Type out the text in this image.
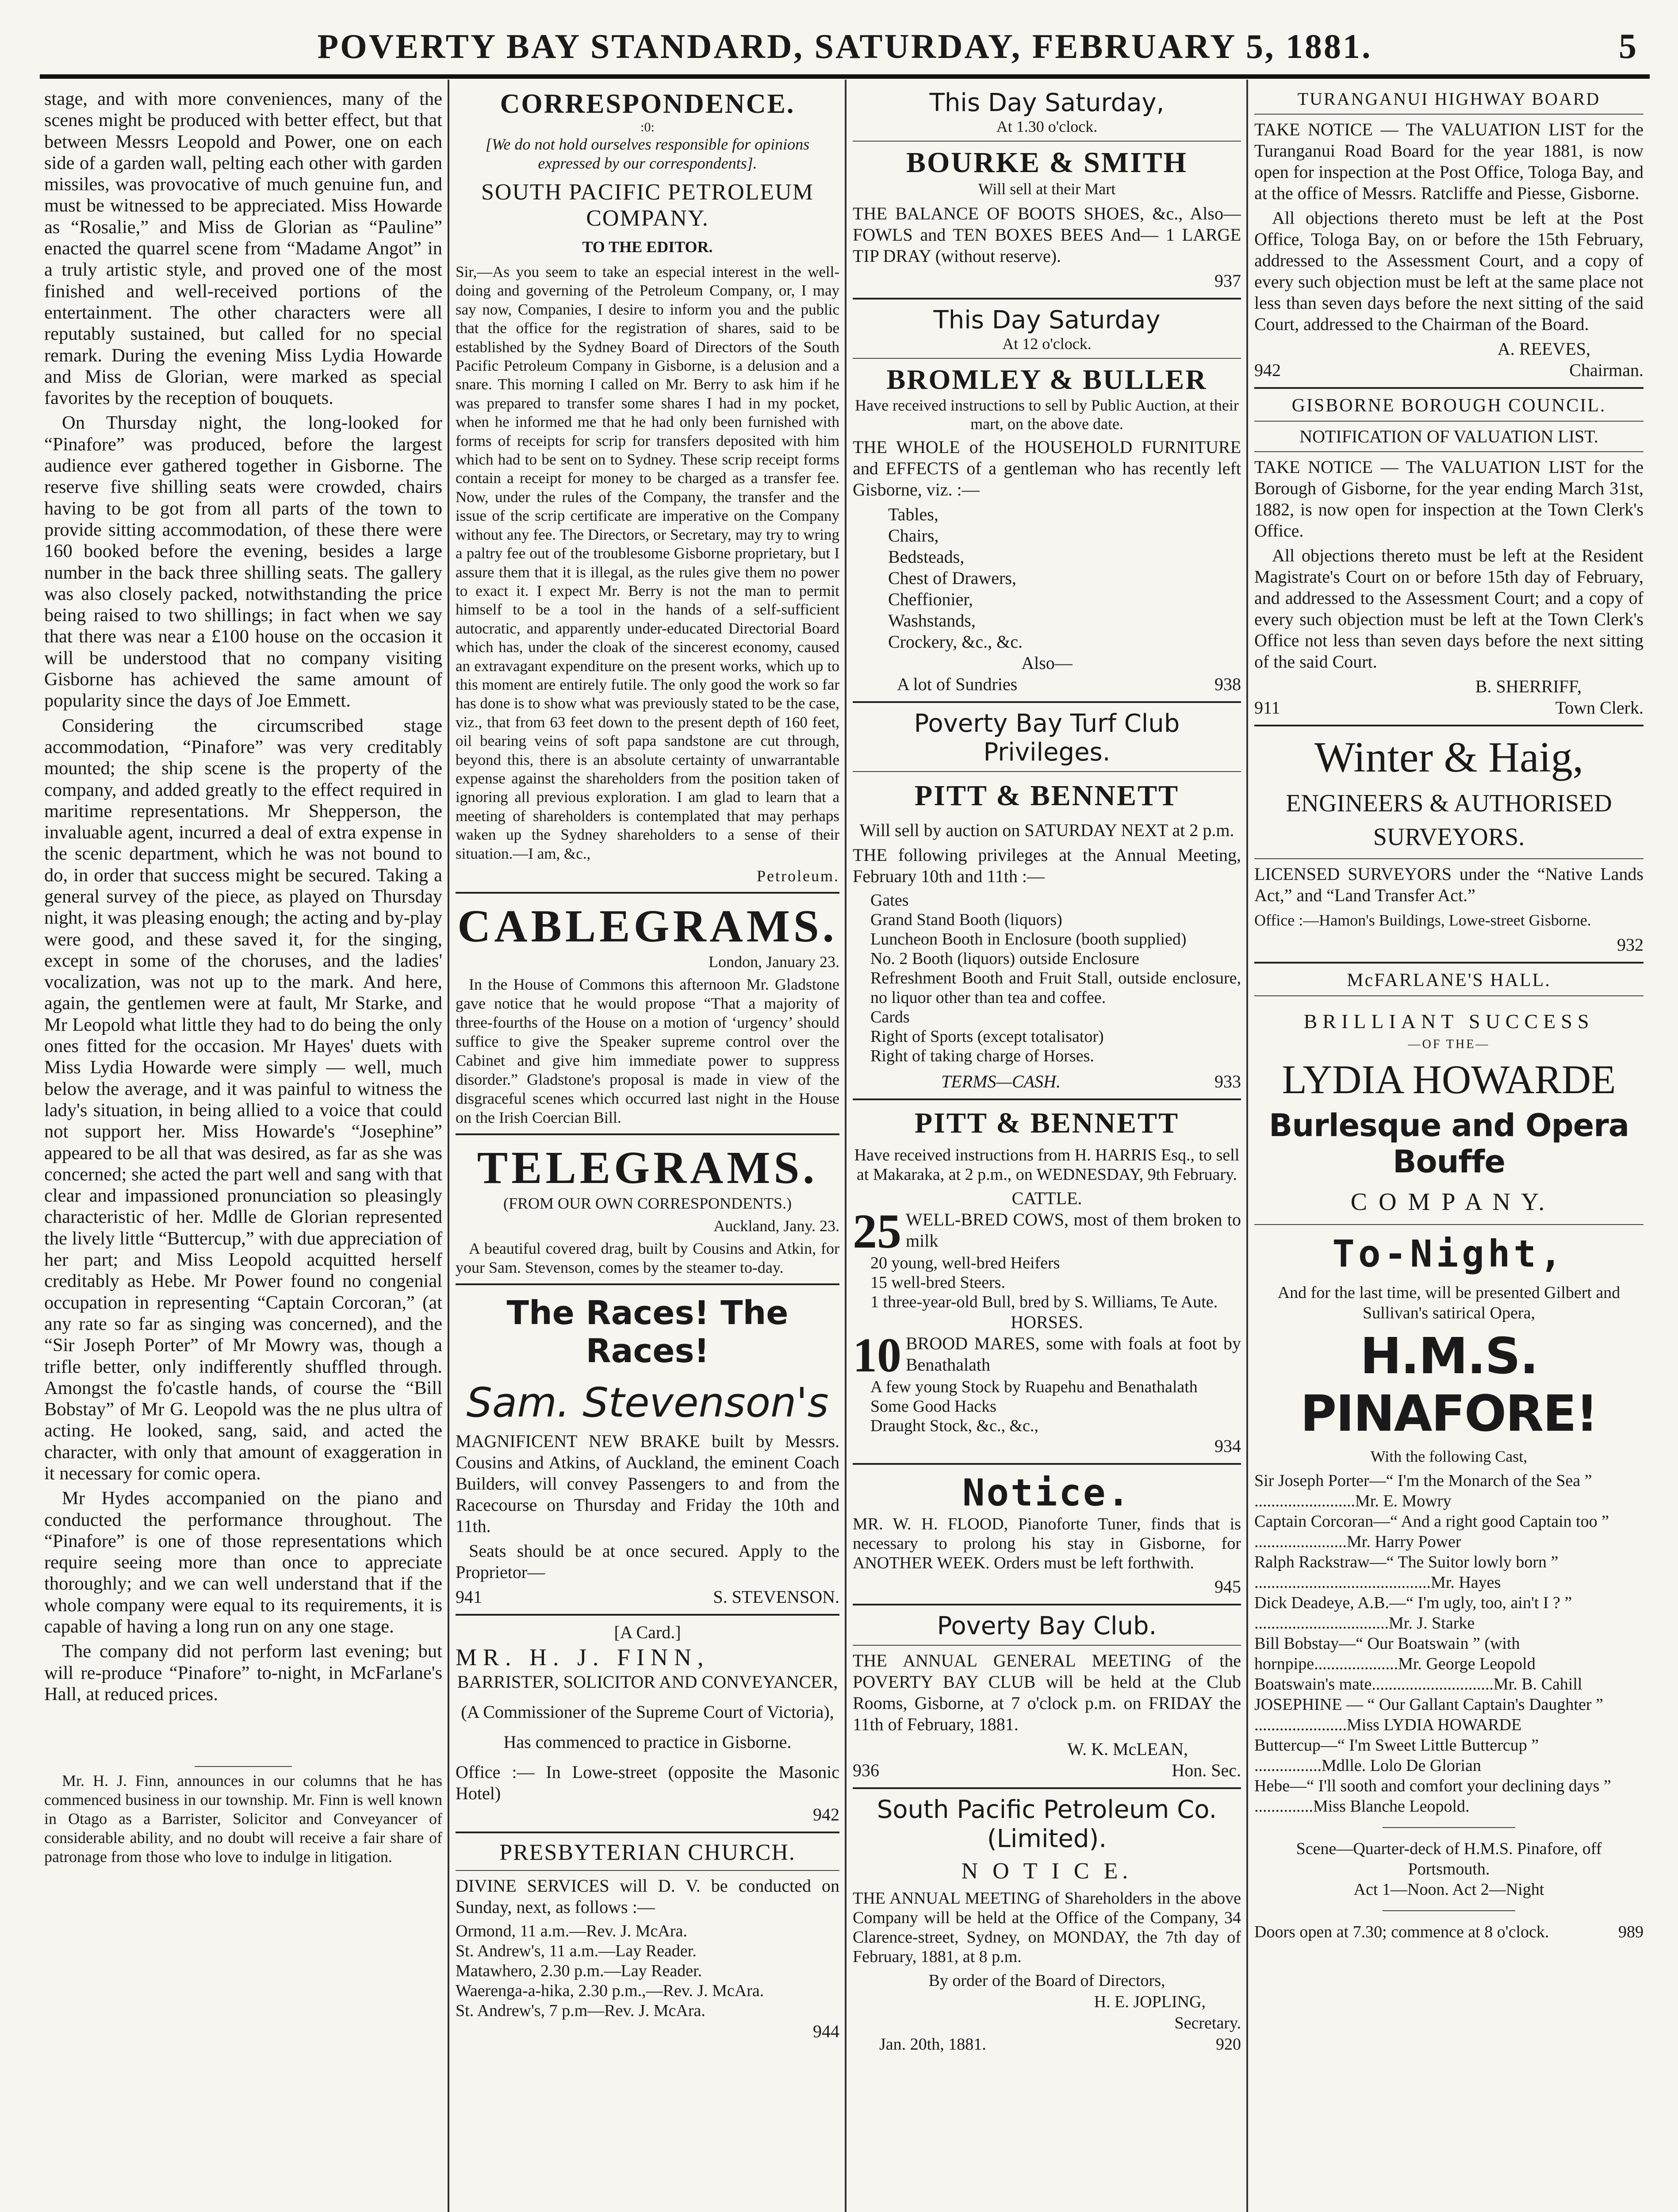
POVERTY BAY STANDARD, SATURDAY, FEBRUARY 5, 1881.	5

stage, and with more conveniences, many of the scenes might be produced with better effect, but that between Messrs Leopold and Power, one on each side of a garden wall, pelting each other with garden missiles, was provocative of much genuine fun, and must be witnessed to be appreciated. Miss Howarde as “Rosalie,” and Miss de Glorian as “Pauline” enacted the quarrel scene from “Madame Angot” in a truly artistic style, and proved one of the most finished and well-received portions of the entertainment. The other characters were all reputably sustained, but called for no special remark. During the evening Miss Lydia Howarde and Miss de Glorian, were marked as special favorites by the reception of bouquets.

On Thursday night, the long-looked for “Pinafore” was produced, before the largest audience ever gathered together in Gisborne. The reserve five shilling seats were crowded, chairs having to be got from all parts of the town to provide sitting accommodation, of these there were 160 booked before the evening, besides a large number in the back three shilling seats. The gallery was also closely packed, notwithstanding the price being raised to two shillings; in fact when we say that there was near a £100 house on the occasion it will be understood that no company visiting Gisborne has achieved the same amount of popularity since the days of Joe Emmett.

Considering the circumscribed stage accommodation, “Pinafore” was very creditably mounted; the ship scene is the property of the company, and added greatly to the effect required in maritime representations. Mr Shepperson, the invaluable agent, incurred a deal of extra expense in the scenic department, which he was not bound to do, in order that success might be secured. Taking a general survey of the piece, as played on Thursday night, it was pleasing enough; the acting and by-play were good, and these saved it, for the singing, except in some of the choruses, and the ladies' vocalization, was not up to the mark. And here, again, the gentlemen were at fault, Mr Starke, and Mr Leopold what little they had to do being the only ones fitted for the occasion. Mr Hayes' duets with Miss Lydia Howarde were simply — well, much below the average, and it was painful to witness the lady's situation, in being allied to a voice that could not support her. Miss Howarde's “Josephine” appeared to be all that was desired, as far as she was concerned; she acted the part well and sang with that clear and impassioned pronunciation so pleasingly characteristic of her. Mdlle de Glorian represented the lively little “Buttercup,” with due appreciation of her part; and Miss Leopold acquitted herself creditably as Hebe. Mr Power found no congenial occupation in representing “Captain Corcoran,” (at any rate so far as singing was concerned), and the “Sir Joseph Porter” of Mr Mowry was, though a trifle better, only indifferently shuffled through. Amongst the fo'castle hands, of course the “Bill Bobstay” of Mr G. Leopold was the ne plus ultra of acting. He looked, sang, said, and acted the character, with only that amount of exaggeration in it necessary for comic opera.

Mr Hydes accompanied on the piano and conducted the performance throughout. The “Pinafore” is one of those representations which require seeing more than once to appreciate thoroughly; and we can well understand that if the whole company were equal to its requirements, it is capable of having a long run on any one stage.

The company did not perform last evening; but will re-produce “Pinafore” to-night, in McFarlane's Hall, at reduced prices.

Mr. H. J. Finn, announces in our columns that he has commenced business in our township. Mr. Finn is well known in Otago as a Barrister, Solicitor and Conveyancer of considerable ability, and no doubt will receive a fair share of patronage from those who love to indulge in litigation.

CORRESPONDENCE.
:0:

[We do not hold ourselves responsible for opinions expressed by our correspondents].

SOUTH PACIFIC PETROLEUM COMPANY.
TO THE EDITOR.

Sir,—As you seem to take an especial interest in the well-doing and governing of the Petroleum Company, or, I may say now, Companies, I desire to inform you and the public that the office for the registration of shares, said to be established by the Sydney Board of Directors of the South Pacific Petroleum Company in Gisborne, is a delusion and a snare. This morning I called on Mr. Berry to ask him if he was prepared to transfer some shares I had in my pocket, when he informed me that he had only been furnished with forms of receipts for scrip for transfers deposited with him which had to be sent on to Sydney. These scrip receipt forms contain a receipt for money to be charged as a transfer fee. Now, under the rules of the Company, the transfer and the issue of the scrip certificate are imperative on the Company without any fee. The Directors, or Secretary, may try to wring a paltry fee out of the troublesome Gisborne proprietary, but I assure them that it is illegal, as the rules give them no power to exact it. I expect Mr. Berry is not the man to permit himself to be a tool in the hands of a self-sufficient autocratic, and apparently under-educated Directorial Board which has, under the cloak of the sincerest economy, caused an extravagant expenditure on the present works, which up to this moment are entirely futile. The only good the work so far has done is to show what was previously stated to be the case, viz., that from 63 feet down to the present depth of 160 feet, oil bearing veins of soft papa sandstone are cut through, beyond this, there is an absolute certainty of unwarrantable expense against the shareholders from the position taken of ignoring all previous exploration. I am glad to learn that a meeting of shareholders is contemplated that may perhaps waken up the Sydney shareholders to a sense of their situation.—I am, &c.,

Petroleum.

CABLEGRAMS.

London, January 23.

In the House of Commons this afternoon Mr. Gladstone gave notice that he would propose “That a majority of three-fourths of the House on a motion of ‘urgency’ should suffice to give the Speaker supreme control over the Cabinet and give him immediate power to suppress disorder.” Gladstone's proposal is made in view of the disgraceful scenes which occurred last night in the House on the Irish Coercian Bill.

TELEGRAMS.

(FROM OUR OWN CORRESPONDENTS.)

Auckland, Jany. 23.

A beautiful covered drag, built by Cousins and Atkin, for your Sam. Stevenson, comes by the steamer to-day.

The Races! The Races!
Sam. Stevenson's

MAGNIFICENT NEW BRAKE built by Messrs. Cousins and Atkins, of Auckland, the eminent Coach Builders, will convey Passengers to and from the Racecourse on Thursday and Friday the 10th and 11th.

Seats should be at once secured. Apply to the Proprietor—

941	S. STEVENSON.
[A Card.]
MR. H. J. FINN,
BARRISTER, SOLICITOR AND CONVEYANCER,
(A Commissioner of the Supreme Court of Victoria),
Has commenced to practice in Gisborne.
Office :— In Lowe-street (opposite the Masonic Hotel)
942
PRESBYTERIAN CHURCH.

DIVINE SERVICES will D. V. be conducted on Sunday, next, as follows :—

Ormond, 11 a.m.—Rev. J. McAra.
St. Andrew's, 11 a.m.—Lay Reader.
Matawhero, 2.30 p.m.—Lay Reader.
Waerenga-a-hika, 2.30 p.m.,—Rev. J. McAra.
St. Andrew's, 7 p.m—Rev. J. McAra.
944
This Day Saturday,
At 1.30 o'clock.
BOURKE & SMITH
Will sell at their Mart

THE BALANCE OF BOOTS SHOES, &c., Also— FOWLS and TEN BOXES BEES And— 1 LARGE TIP DRAY (without reserve).

937
This Day Saturday
At 12 o'clock.
BROMLEY & BULLER

Have received instructions to sell by Public Auction, at their mart, on the above date.

THE WHOLE of the HOUSEHOLD FURNITURE and EFFECTS of a gentleman who has recently left Gisborne, viz. :—

Tables,
Chairs,
Bedsteads,
Chest of Drawers,
Cheffionier,
Washstands,
Crockery, &c., &c.
Also—
A lot of Sundries	938
Poverty Bay Turf Club Privileges.
PITT & BENNETT

Will sell by auction on SATURDAY NEXT at 2 p.m.

THE following privileges at the Annual Meeting, February 10th and 11th :—

Gates
Grand Stand Booth (liquors)
Luncheon Booth in Enclosure (booth supplied)
No. 2 Booth (liquors) outside Enclosure
Refreshment Booth and Fruit Stall, outside enclosure, no liquor other than tea and coffee.
Cards
Right of Sports (except totalisator)
Right of taking charge of Horses.
TERMS—CASH.	933
PITT & BENNETT

Have received instructions from H. HARRIS Esq., to sell at Makaraka, at 2 p.m., on WEDNESDAY, 9th February.

CATTLE.
25 WELL-BRED COWS, most of them broken to milk
20 young, well-bred Heifers
15 well-bred Steers.
1 three-year-old Bull, bred by S. Williams, Te Aute.
HORSES.
10 BROOD MARES, some with foals at foot by Benathalath
A few young Stock by Ruapehu and Benathalath
Some Good Hacks
Draught Stock, &c., &c.,
934
Notice.

MR. W. H. FLOOD, Pianoforte Tuner, finds that is necessary to prolong his stay in Gisborne, for ANOTHER WEEK. Orders must be left forthwith.

945
Poverty Bay Club.

THE ANNUAL GENERAL MEETING of the POVERTY BAY CLUB will be held at the Club Rooms, Gisborne, at 7 o'clock p.m. on FRIDAY the 11th of February, 1881.

W. K. McLEAN,
936	Hon. Sec.
South Pacific Petroleum Co. (Limited).
N O T I C E.

THE ANNUAL MEETING of Shareholders in the above Company will be held at the Office of the Company, 34 Clarence-street, Sydney, on MONDAY, the 7th day of February, 1881, at 8 p.m.

By order of the Board of Directors,
H. E. JOPLING,
Secretary.
Jan. 20th, 1881.	920
TURANGANUI HIGHWAY BOARD

TAKE NOTICE — The VALUATION LIST for the Turanganui Road Board for the year 1881, is now open for inspection at the Post Office, Tologa Bay, and at the office of Messrs. Ratcliffe and Piesse, Gisborne.

All objections thereto must be left at the Post Office, Tologa Bay, on or before the 15th February, addressed to the Assessment Court, and a copy of every such objection must be left at the same place not less than seven days before the next sitting of the said Court, addressed to the Chairman of the Board.

A. REEVES,
942	Chairman.
GISBORNE BOROUGH COUNCIL.
NOTIFICATION OF VALUATION LIST.

TAKE NOTICE — The VALUATION LIST for the Borough of Gisborne, for the year ending March 31st, 1882, is now open for inspection at the Town Clerk's Office.

All objections thereto must be left at the Resident Magistrate's Court on or before 15th day of February, and addressed to the Assessment Court; and a copy of every such objection must be left at the Town Clerk's Office not less than seven days before the next sitting of the said Court.

B. SHERRIFF,
911	Town Clerk.
Winter & Haig,
ENGINEERS & AUTHORISED SURVEYORS.

LICENSED SURVEYORS under the “Native Lands Act,” and “Land Transfer Act.”

Office :—Hamon's Buildings, Lowe-street Gisborne.

932
McFARLANE'S HALL.
BRILLIANT SUCCESS
—OF THE—
LYDIA HOWARDE
Burlesque and Opera Bouffe
C O M P A N Y.
To-Night,

And for the last time, will be presented Gilbert and Sullivan's satirical Opera,

H.M.S. PINAFORE!
With the following Cast,
Sir Joseph Porter—“ I'm the Monarch of the Sea ” ........................Mr. E. Mowry
Captain Corcoran—“ And a right good Captain too ” ......................Mr. Harry Power
Ralph Rackstraw—“ The Suitor lowly born ” ..........................................Mr. Hayes
Dick Deadeye, A.B.—“ I'm ugly, too, ain't I ? ” ................................Mr. J. Starke
Bill Bobstay—“ Our Boatswain ” (with hornpipe....................Mr. George Leopold
Boatswain's mate.............................Mr. B. Cahill
JOSEPHINE — “ Our Gallant Captain's Daughter ” ......................Miss LYDIA HOWARDE
Buttercup—“ I'm Sweet Little Buttercup ” ................Mdlle. Lolo De Glorian
Hebe—“ I'll sooth and comfort your declining days ” ..............Miss Blanche Leopold.
Scene—Quarter-deck of H.M.S. Pinafore, off Portsmouth.
Act 1—Noon. Act 2—Night
Doors open at 7.30; commence at 8 o'clock.	989
